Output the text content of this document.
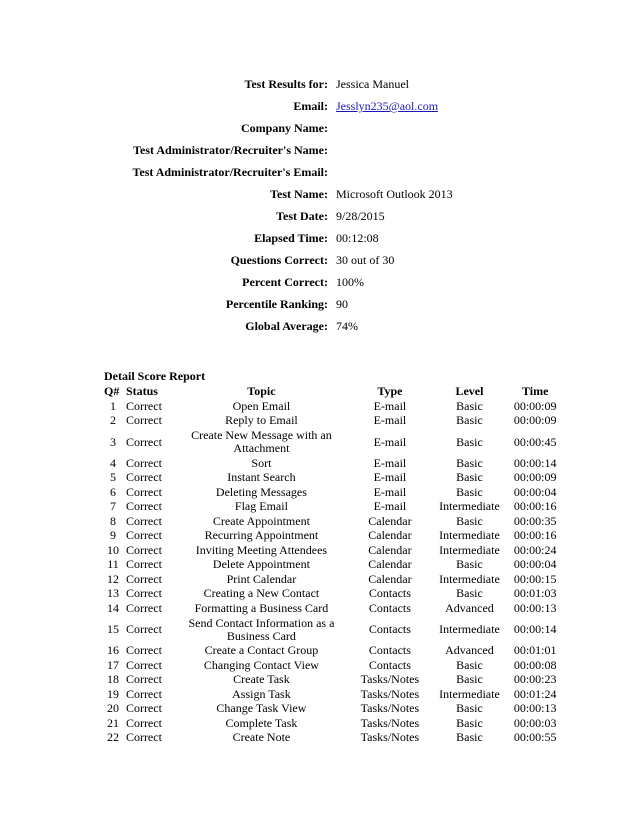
Test Results for: Jessica Manuel
Email: Jesslyn235@aol.com
Company Name:
Test Administrator/Recruiter's Name:
Test Administrator/Recruiter's Email:
Test Name: Microsoft Outlook 2013
Test Date: 9/28/2015
Elapsed Time: 00:12:08
Questions Correct: 30 out of 30
Percent Correct: 100%
Percentile Ranking: 90
Global Average: 74%
Detail Score Report
Q#	Status	Topic	Type	Level	Time
1	Correct	Open Email	E-mail	Basic	00:00:09
2	Correct	Reply to Email	E-mail	Basic	00:00:09
3	Correct	Create New Message with an Attachment	E-mail	Basic	00:00:45
4	Correct	Sort	E-mail	Basic	00:00:14
5	Correct	Instant Search	E-mail	Basic	00:00:09
6	Correct	Deleting Messages	E-mail	Basic	00:00:04
7	Correct	Flag Email	E-mail	Intermediate	00:00:16
8	Correct	Create Appointment	Calendar	Basic	00:00:35
9	Correct	Recurring Appointment	Calendar	Intermediate	00:00:16
10	Correct	Inviting Meeting Attendees	Calendar	Intermediate	00:00:24
11	Correct	Delete Appointment	Calendar	Basic	00:00:04
12	Correct	Print Calendar	Calendar	Intermediate	00:00:15
13	Correct	Creating a New Contact	Contacts	Basic	00:01:03
14	Correct	Formatting a Business Card	Contacts	Advanced	00:00:13
15	Correct	Send Contact Information as a Business Card	Contacts	Intermediate	00:00:14
16	Correct	Create a Contact Group	Contacts	Advanced	00:01:01
17	Correct	Changing Contact View	Contacts	Basic	00:00:08
18	Correct	Create Task	Tasks/Notes	Basic	00:00:23
19	Correct	Assign Task	Tasks/Notes	Intermediate	00:01:24
20	Correct	Change Task View	Tasks/Notes	Basic	00:00:13
21	Correct	Complete Task	Tasks/Notes	Basic	00:00:03
22	Correct	Create Note	Tasks/Notes	Basic	00:00:55
